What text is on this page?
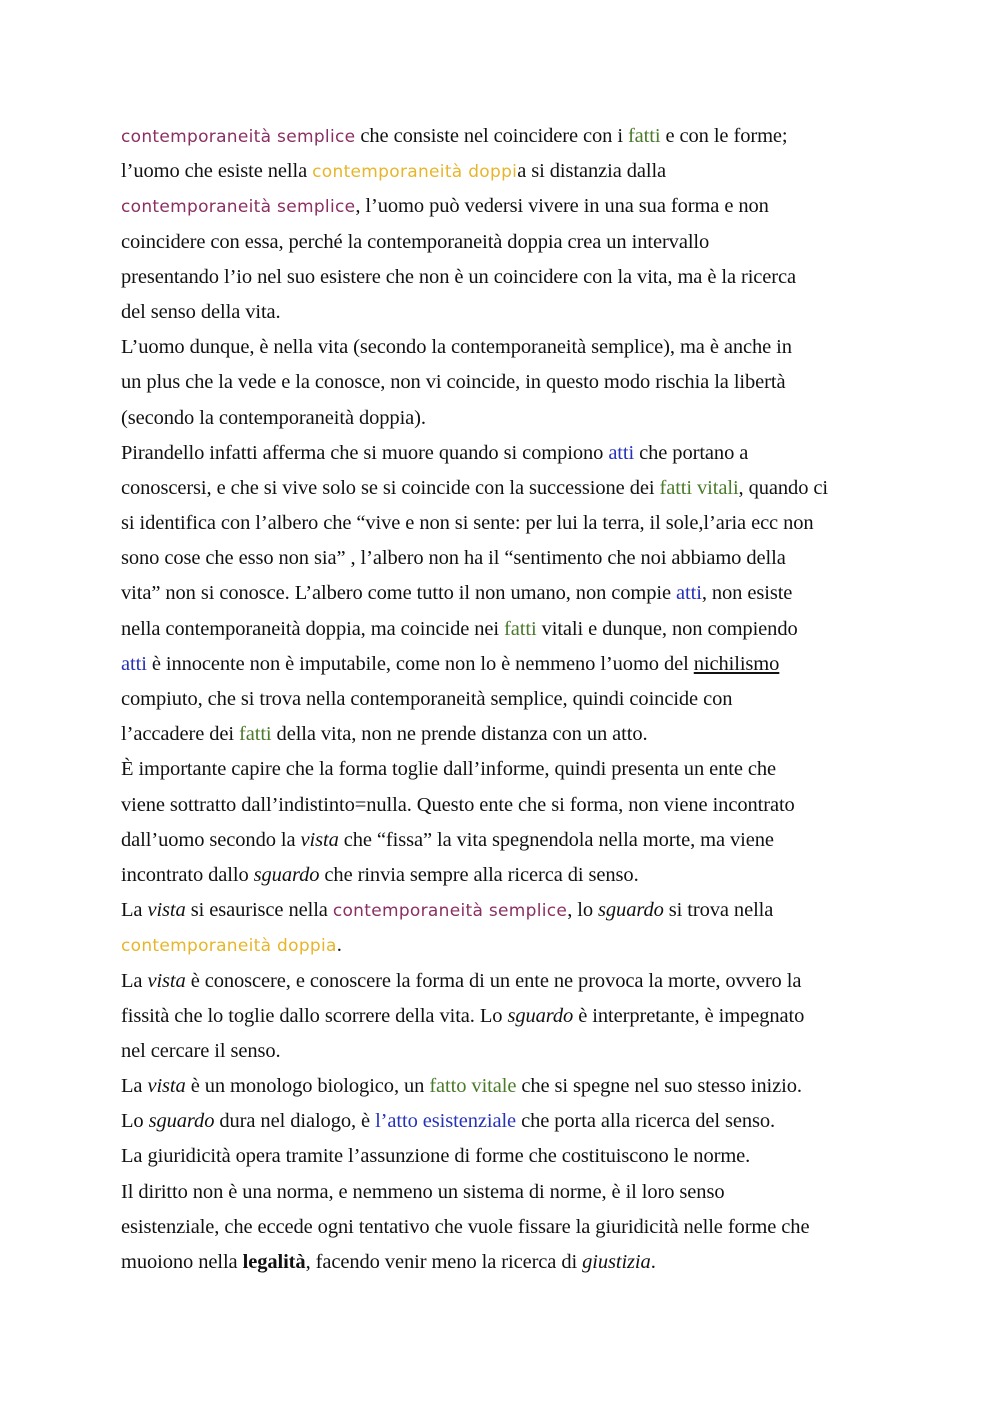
contemporaneità semplice che consiste nel coincidere con i fatti e con le forme;
l’uomo che esiste nella contemporaneità doppia si distanzia dalla
contemporaneità semplice, l’uomo può vedersi vivere in una sua forma e non
coincidere con essa, perché la contemporaneità doppia crea un intervallo
presentando l’io nel suo esistere che non è un coincidere con la vita, ma è la ricerca
del senso della vita.
L’uomo dunque, è nella vita (secondo la contemporaneità semplice), ma è anche in
un plus che la vede e la conosce, non vi coincide, in questo modo rischia la libertà
(secondo la contemporaneità doppia).
Pirandello infatti afferma che si muore quando si compiono atti che portano a
conoscersi, e che si vive solo se si coincide con la successione dei fatti vitali, quando ci
si identifica con l’albero che “vive e non si sente: per lui la terra, il sole,l’aria ecc non
sono cose che esso non sia” , l’albero non ha il “sentimento che noi abbiamo della
vita” non si conosce. L’albero come tutto il non umano, non compie atti, non esiste
nella contemporaneità doppia, ma coincide nei fatti vitali e dunque, non compiendo
atti è innocente non è imputabile, come non lo è nemmeno l’uomo del nichilismo
compiuto, che si trova nella contemporaneità semplice, quindi coincide con
l’accadere dei fatti della vita, non ne prende distanza con un atto.
È importante capire che la forma toglie dall’informe, quindi presenta un ente che
viene sottratto dall’indistinto=nulla. Questo ente che si forma, non viene incontrato
dall’uomo secondo la vista che “fissa” la vita spegnendola nella morte, ma viene
incontrato dallo sguardo che rinvia sempre alla ricerca di senso.
La vista si esaurisce nella contemporaneità semplice, lo sguardo si trova nella
contemporaneità doppia.
La vista è conoscere, e conoscere la forma di un ente ne provoca la morte, ovvero la
fissità che lo toglie dallo scorrere della vita. Lo sguardo è interpretante, è impegnato
nel cercare il senso.
La vista è un monologo biologico, un fatto vitale che si spegne nel suo stesso inizio.
Lo sguardo dura nel dialogo, è l’atto esistenziale che porta alla ricerca del senso.
La giuridicità opera tramite l’assunzione di forme che costituiscono le norme.
Il diritto non è una norma, e nemmeno un sistema di norme, è il loro senso
esistenziale, che eccede ogni tentativo che vuole fissare la giuridicità nelle forme che
muoiono nella legalità, facendo venir meno la ricerca di giustizia.
